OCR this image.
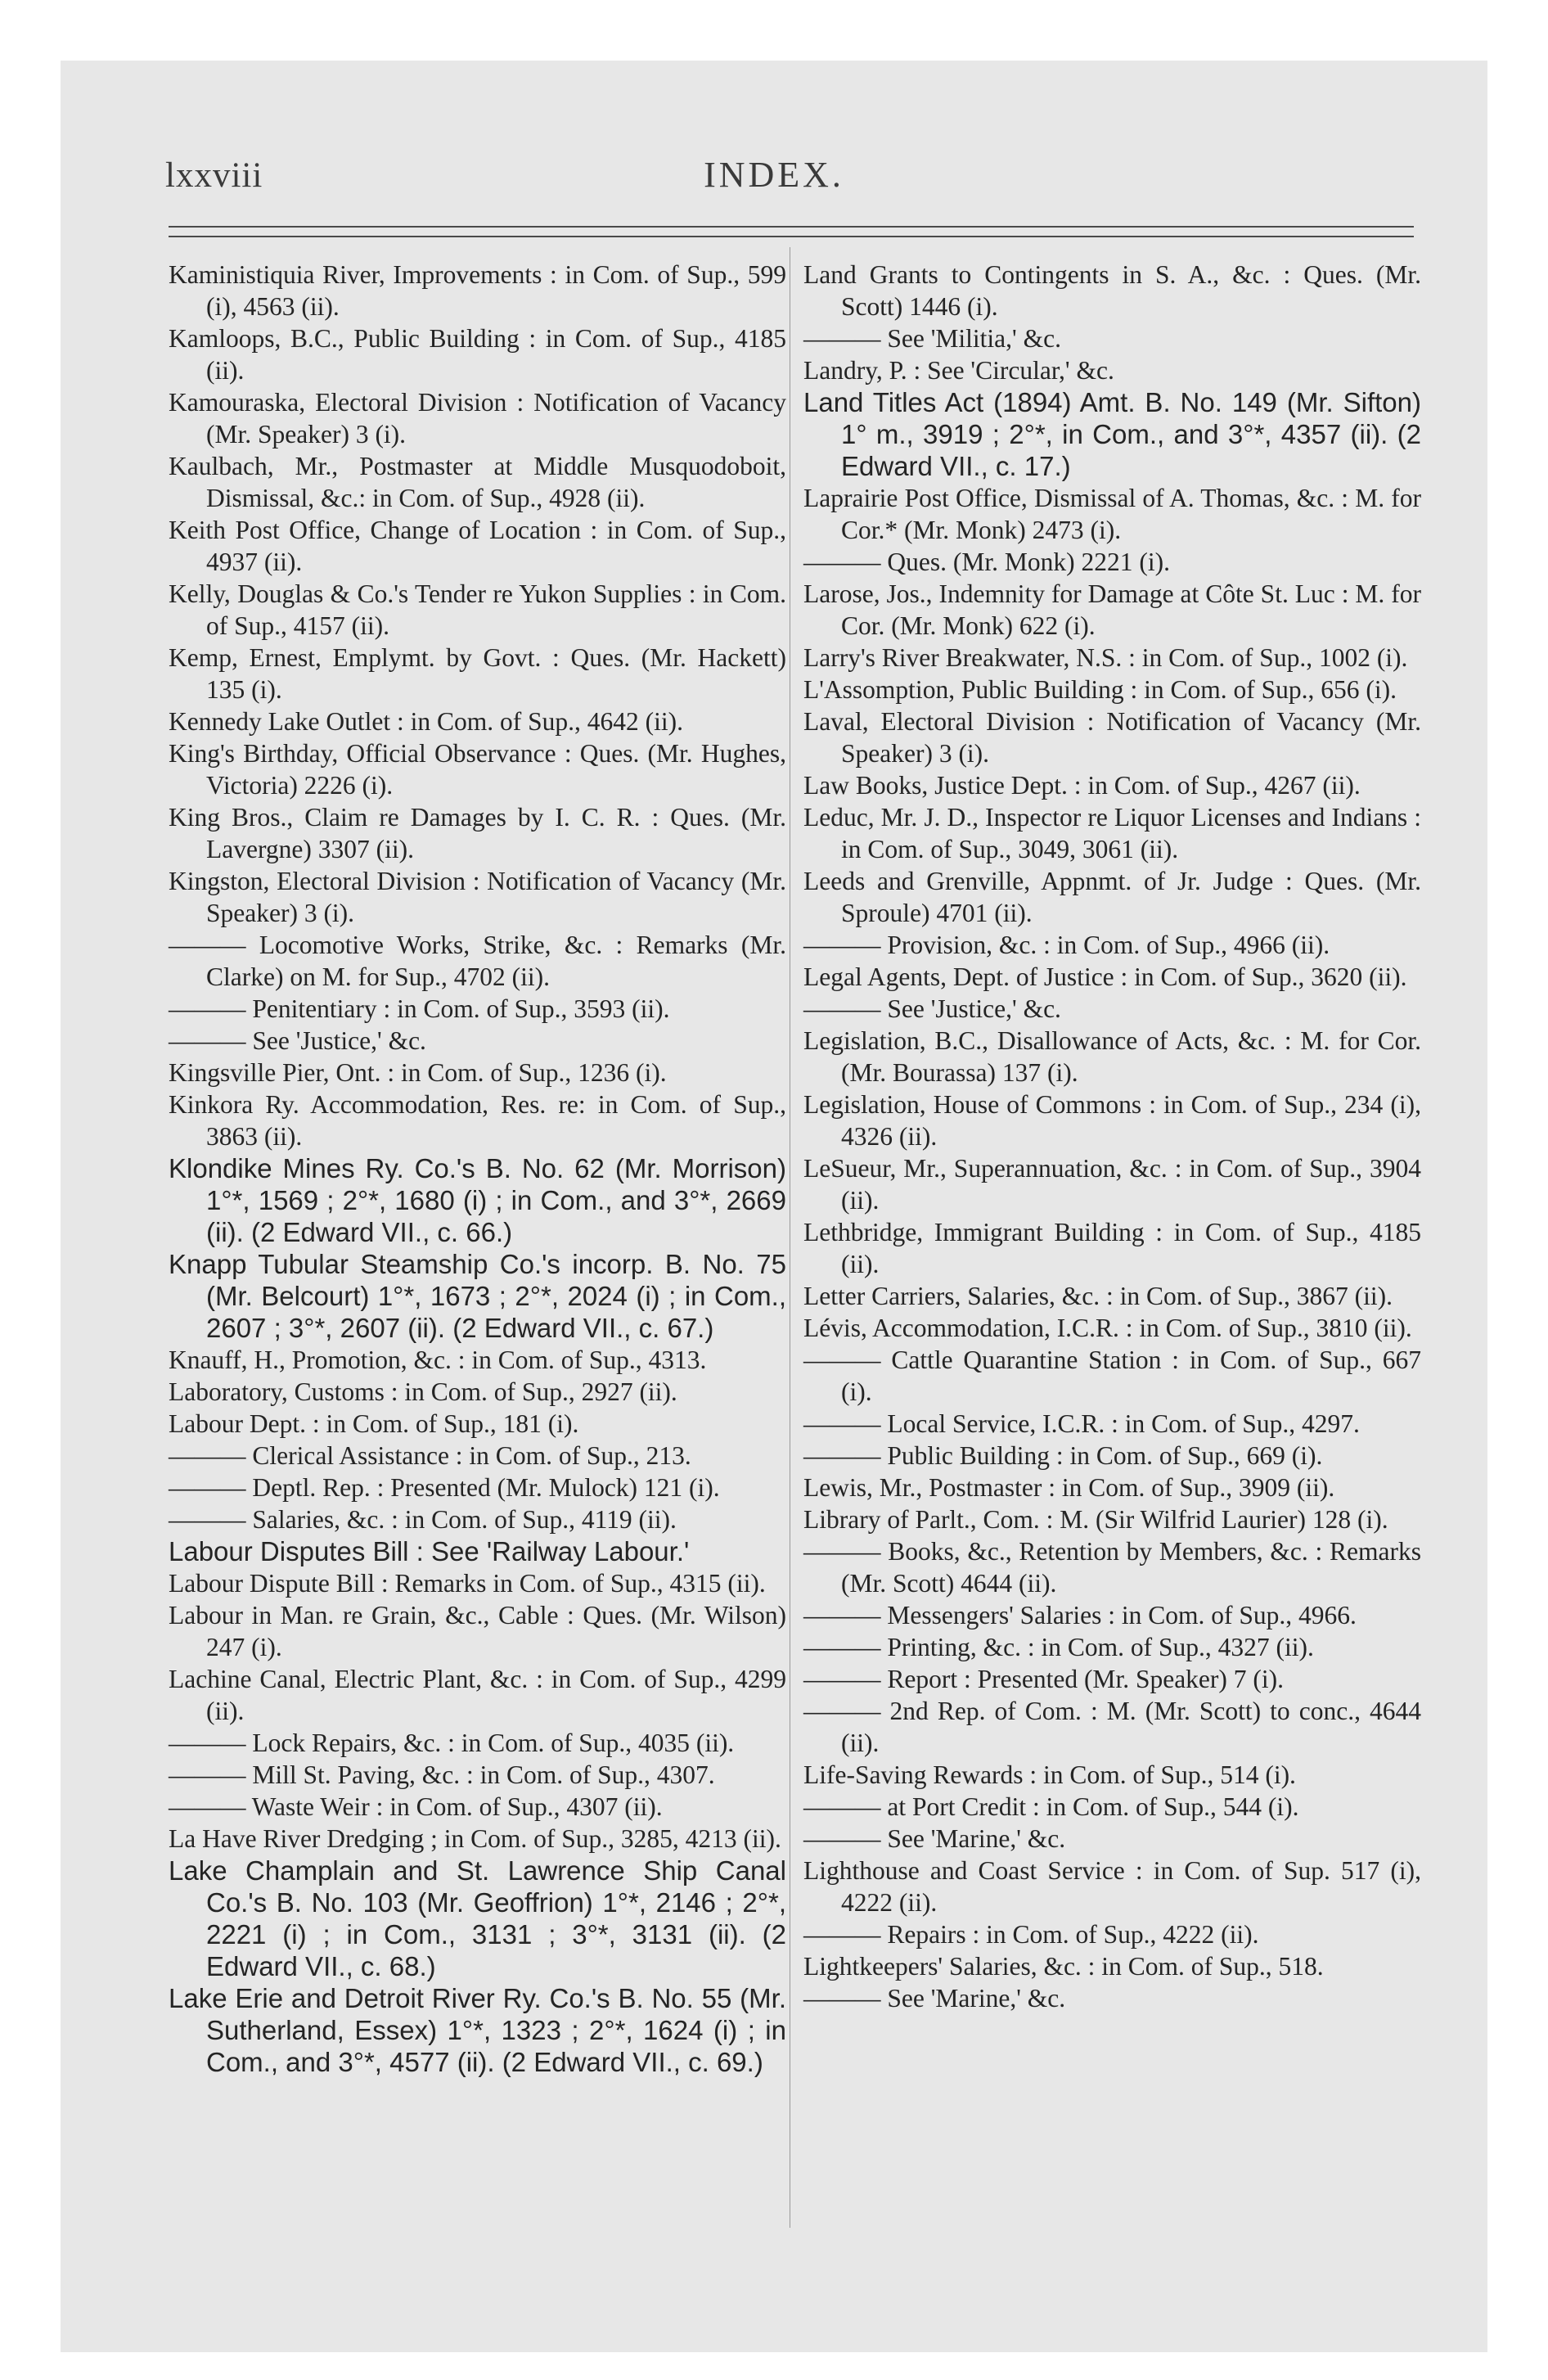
lxxviii	INDEX.

Kaministiquia River, Improvements : in Com. of Sup., 599 (i), 4563 (ii).

Kamloops, B.C., Public Building : in Com. of Sup., 4185 (ii).

Kamouraska, Electoral Division : Notification of Vacancy (Mr. Speaker) 3 (i).

Kaulbach, Mr., Postmaster at Middle Musquodoboit, Dismissal, &c.: in Com. of Sup., 4928 (ii).

Keith Post Office, Change of Location : in Com. of Sup., 4937 (ii).

Kelly, Douglas & Co.'s Tender re Yukon Supplies : in Com. of Sup., 4157 (ii).

Kemp, Ernest, Emplymt. by Govt. : Ques. (Mr. Hackett) 135 (i).

Kennedy Lake Outlet : in Com. of Sup., 4642 (ii).

King's Birthday, Official Observance : Ques. (Mr. Hughes, Victoria) 2226 (i).

King Bros., Claim re Damages by I. C. R. : Ques. (Mr. Lavergne) 3307 (ii).

Kingston, Electoral Division : Notification of Vacancy (Mr. Speaker) 3 (i).

——— Locomotive Works, Strike, &c. : Remarks (Mr. Clarke) on M. for Sup., 4702 (ii).

——— Penitentiary : in Com. of Sup., 3593 (ii).

——— See 'Justice,' &c.

Kingsville Pier, Ont. : in Com. of Sup., 1236 (i).

Kinkora Ry. Accommodation, Res. re: in Com. of Sup., 3863 (ii).

Klondike Mines Ry. Co.'s B. No. 62 (Mr. Morrison) 1°*, 1569 ; 2°*, 1680 (i) ; in Com., and 3°*, 2669 (ii). (2 Edward VII., c. 66.)

Knapp Tubular Steamship Co.'s incorp. B. No. 75 (Mr. Belcourt) 1°*, 1673 ; 2°*, 2024 (i) ; in Com., 2607 ; 3°*, 2607 (ii). (2 Edward VII., c. 67.)

Knauff, H., Promotion, &c. : in Com. of Sup., 4313.

Laboratory, Customs : in Com. of Sup., 2927 (ii).

Labour Dept. : in Com. of Sup., 181 (i).

——— Clerical Assistance : in Com. of Sup., 213.

——— Deptl. Rep. : Presented (Mr. Mulock) 121 (i).

——— Salaries, &c. : in Com. of Sup., 4119 (ii).

Labour Disputes Bill : See 'Railway Labour.'

Labour Dispute Bill : Remarks in Com. of Sup., 4315 (ii).

Labour in Man. re Grain, &c., Cable : Ques. (Mr. Wilson) 247 (i).

Lachine Canal, Electric Plant, &c. : in Com. of Sup., 4299 (ii).

——— Lock Repairs, &c. : in Com. of Sup., 4035 (ii).

——— Mill St. Paving, &c. : in Com. of Sup., 4307.

——— Waste Weir : in Com. of Sup., 4307 (ii).

La Have River Dredging ; in Com. of Sup., 3285, 4213 (ii).

Lake Champlain and St. Lawrence Ship Canal Co.'s B. No. 103 (Mr. Geoffrion) 1°*, 2146 ; 2°*, 2221 (i) ; in Com., 3131 ; 3°*, 3131 (ii). (2 Edward VII., c. 68.)

Lake Erie and Detroit River Ry. Co.'s B. No. 55 (Mr. Sutherland, Essex) 1°*, 1323 ; 2°*, 1624 (i) ; in Com., and 3°*, 4577 (ii). (2 Edward VII., c. 69.)

Land Grants to Contingents in S. A., &c. : Ques. (Mr. Scott) 1446 (i).

——— See 'Militia,' &c.

Landry, P. : See 'Circular,' &c.

Land Titles Act (1894) Amt. B. No. 149 (Mr. Sifton) 1° m., 3919 ; 2°*, in Com., and 3°*, 4357 (ii). (2 Edward VII., c. 17.)

Laprairie Post Office, Dismissal of A. Thomas, &c. : M. for Cor.* (Mr. Monk) 2473 (i).

——— Ques. (Mr. Monk) 2221 (i).

Larose, Jos., Indemnity for Damage at Côte St. Luc : M. for Cor. (Mr. Monk) 622 (i).

Larry's River Breakwater, N.S. : in Com. of Sup., 1002 (i).

L'Assomption, Public Building : in Com. of Sup., 656 (i).

Laval, Electoral Division : Notification of Vacancy (Mr. Speaker) 3 (i).

Law Books, Justice Dept. : in Com. of Sup., 4267 (ii).

Leduc, Mr. J. D., Inspector re Liquor Licenses and Indians : in Com. of Sup., 3049, 3061 (ii).

Leeds and Grenville, Appnmt. of Jr. Judge : Ques. (Mr. Sproule) 4701 (ii).

——— Provision, &c. : in Com. of Sup., 4966 (ii).

Legal Agents, Dept. of Justice : in Com. of Sup., 3620 (ii).

——— See 'Justice,' &c.

Legislation, B.C., Disallowance of Acts, &c. : M. for Cor. (Mr. Bourassa) 137 (i).

Legislation, House of Commons : in Com. of Sup., 234 (i), 4326 (ii).

LeSueur, Mr., Superannuation, &c. : in Com. of Sup., 3904 (ii).

Lethbridge, Immigrant Building : in Com. of Sup., 4185 (ii).

Letter Carriers, Salaries, &c. : in Com. of Sup., 3867 (ii).

Lévis, Accommodation, I.C.R. : in Com. of Sup., 3810 (ii).

——— Cattle Quarantine Station : in Com. of Sup., 667 (i).

——— Local Service, I.C.R. : in Com. of Sup., 4297.

——— Public Building : in Com. of Sup., 669 (i).

Lewis, Mr., Postmaster : in Com. of Sup., 3909 (ii).

Library of Parlt., Com. : M. (Sir Wilfrid Laurier) 128 (i).

——— Books, &c., Retention by Members, &c. : Remarks (Mr. Scott) 4644 (ii).

——— Messengers' Salaries : in Com. of Sup., 4966.

——— Printing, &c. : in Com. of Sup., 4327 (ii).

——— Report : Presented (Mr. Speaker) 7 (i).

——— 2nd Rep. of Com. : M. (Mr. Scott) to conc., 4644 (ii).

Life-Saving Rewards : in Com. of Sup., 514 (i).

——— at Port Credit : in Com. of Sup., 544 (i).

——— See 'Marine,' &c.

Lighthouse and Coast Service : in Com. of Sup. 517 (i), 4222 (ii).

——— Repairs : in Com. of Sup., 4222 (ii).

Lightkeepers' Salaries, &c. : in Com. of Sup., 518.

——— See 'Marine,' &c.
